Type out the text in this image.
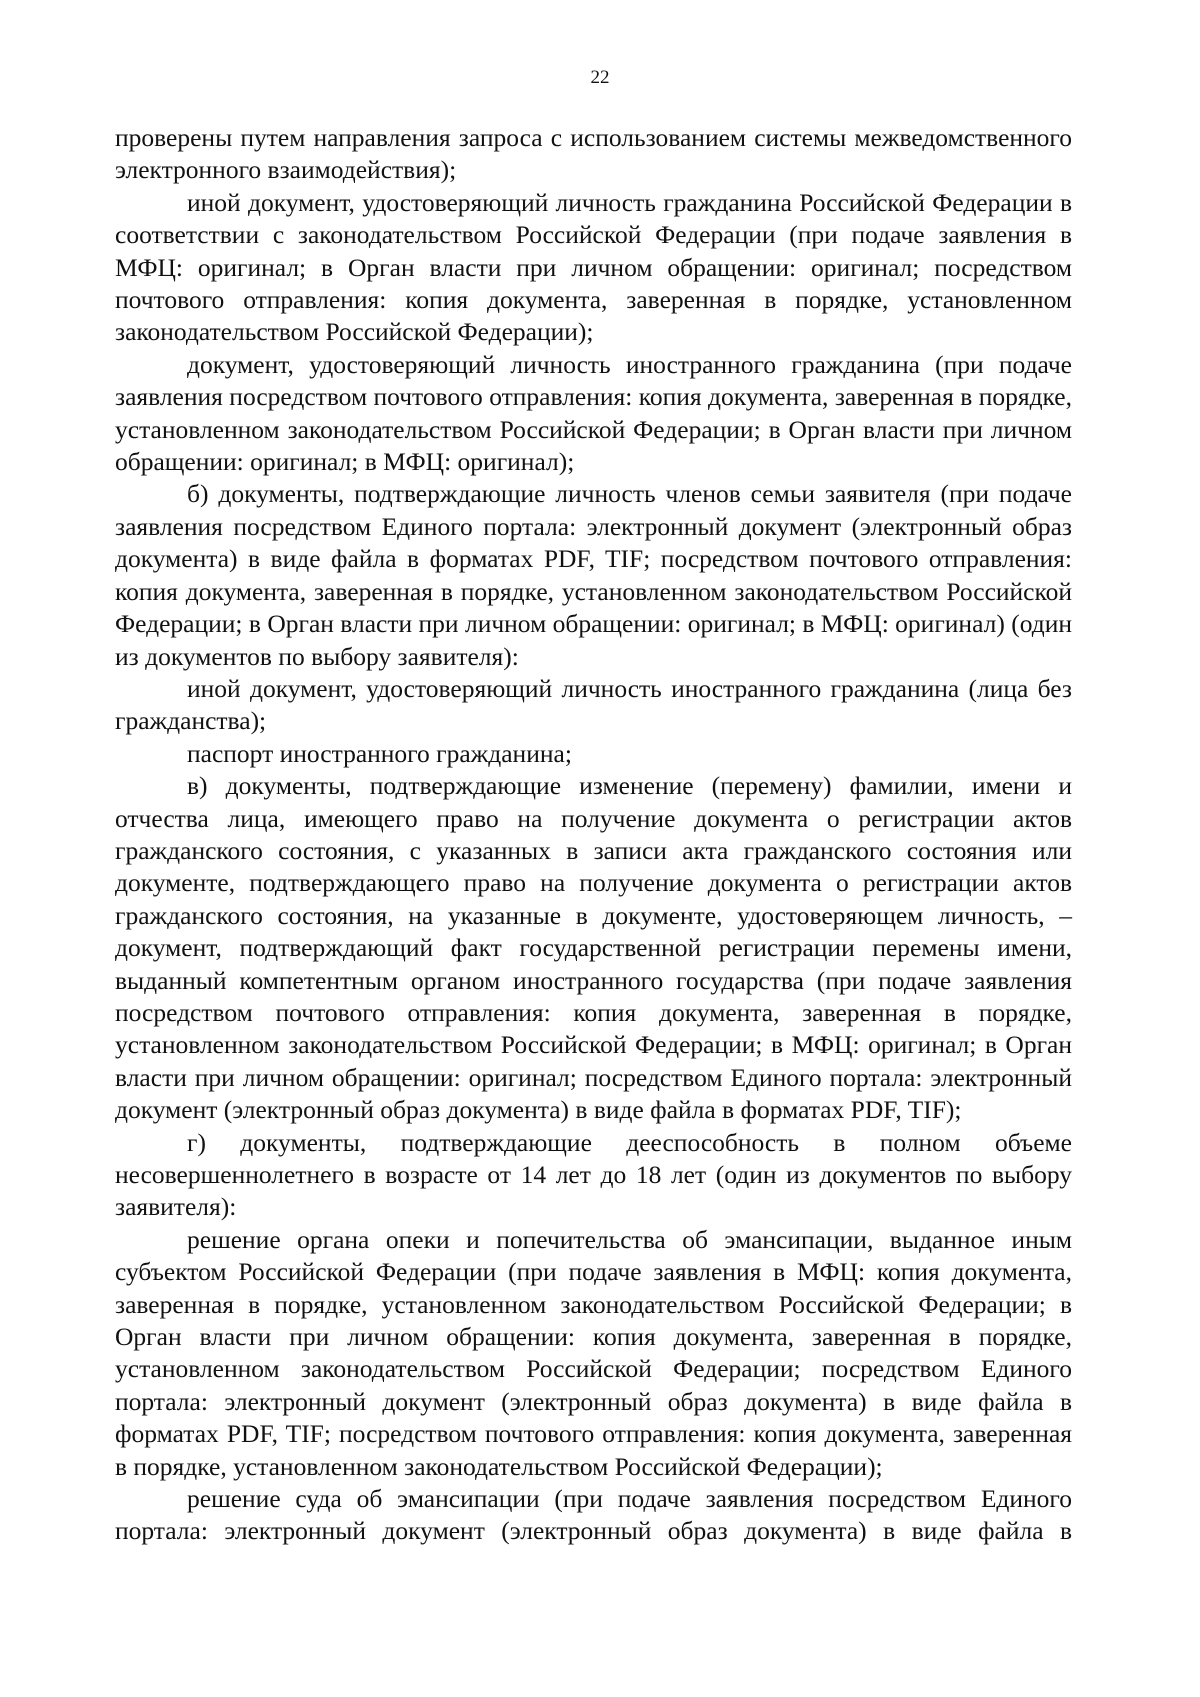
22

проверены путем направления запроса с использованием системы межведомственного электронного взаимодействия);

иной документ, удостоверяющий личность гражданина Российской Федерации в соответствии с законодательством Российской Федерации (при подаче заявления в МФЦ: оригинал; в Орган власти при личном обращении: оригинал; посредством почтового отправления: копия документа, заверенная в порядке, установленном законодательством Российской Федерации);

документ, удостоверяющий личность иностранного гражданина (при подаче заявления посредством почтового отправления: копия документа, заверенная в порядке, установленном законодательством Российской Федерации; в Орган власти при личном обращении: оригинал; в МФЦ: оригинал);

б) документы, подтверждающие личность членов семьи заявителя (при подаче заявления посредством Единого портала: электронный документ (электронный образ документа) в виде файла в форматах PDF, TIF; посредством почтового отправления: копия документа, заверенная в порядке, установленном законодательством Российской Федерации; в Орган власти при личном обращении: оригинал; в МФЦ: оригинал) (один из документов по выбору заявителя):

иной документ, удостоверяющий личность иностранного гражданина (лица без гражданства);

паспорт иностранного гражданина;

в) документы, подтверждающие изменение (перемену) фамилии, имени и отчества лица, имеющего право на получение документа о регистрации актов гражданского состояния, с указанных в записи акта гражданского состояния или документе, подтверждающего право на получение документа о регистрации актов гражданского состояния, на указанные в документе, удостоверяющем личность, – документ, подтверждающий факт государственной регистрации перемены имени, выданный компетентным органом иностранного государства (при подаче заявления посредством почтового отправления: копия документа, заверенная в порядке, установленном законодательством Российской Федерации; в МФЦ: оригинал; в Орган власти при личном обращении: оригинал; посредством Единого портала: электронный документ (электронный образ документа) в виде файла в форматах PDF, TIF);

г) документы, подтверждающие дееспособность в полном объеме несовершеннолетнего в возрасте от 14 лет до 18 лет (один из документов по выбору заявителя):

решение органа опеки и попечительства об эмансипации, выданное иным субъектом Российской Федерации (при подаче заявления в МФЦ: копия документа, заверенная в порядке, установленном законодательством Российской Федерации; в Орган власти при личном обращении: копия документа, заверенная в порядке, установленном законодательством Российской Федерации; посредством Единого портала: электронный документ (электронный образ документа) в виде файла в форматах PDF, TIF; посредством почтового отправления: копия документа, заверенная в порядке, установленном законодательством Российской Федерации);

решение суда об эмансипации (при подаче заявления посредством Единого портала: электронный документ (электронный образ документа) в виде файла в
